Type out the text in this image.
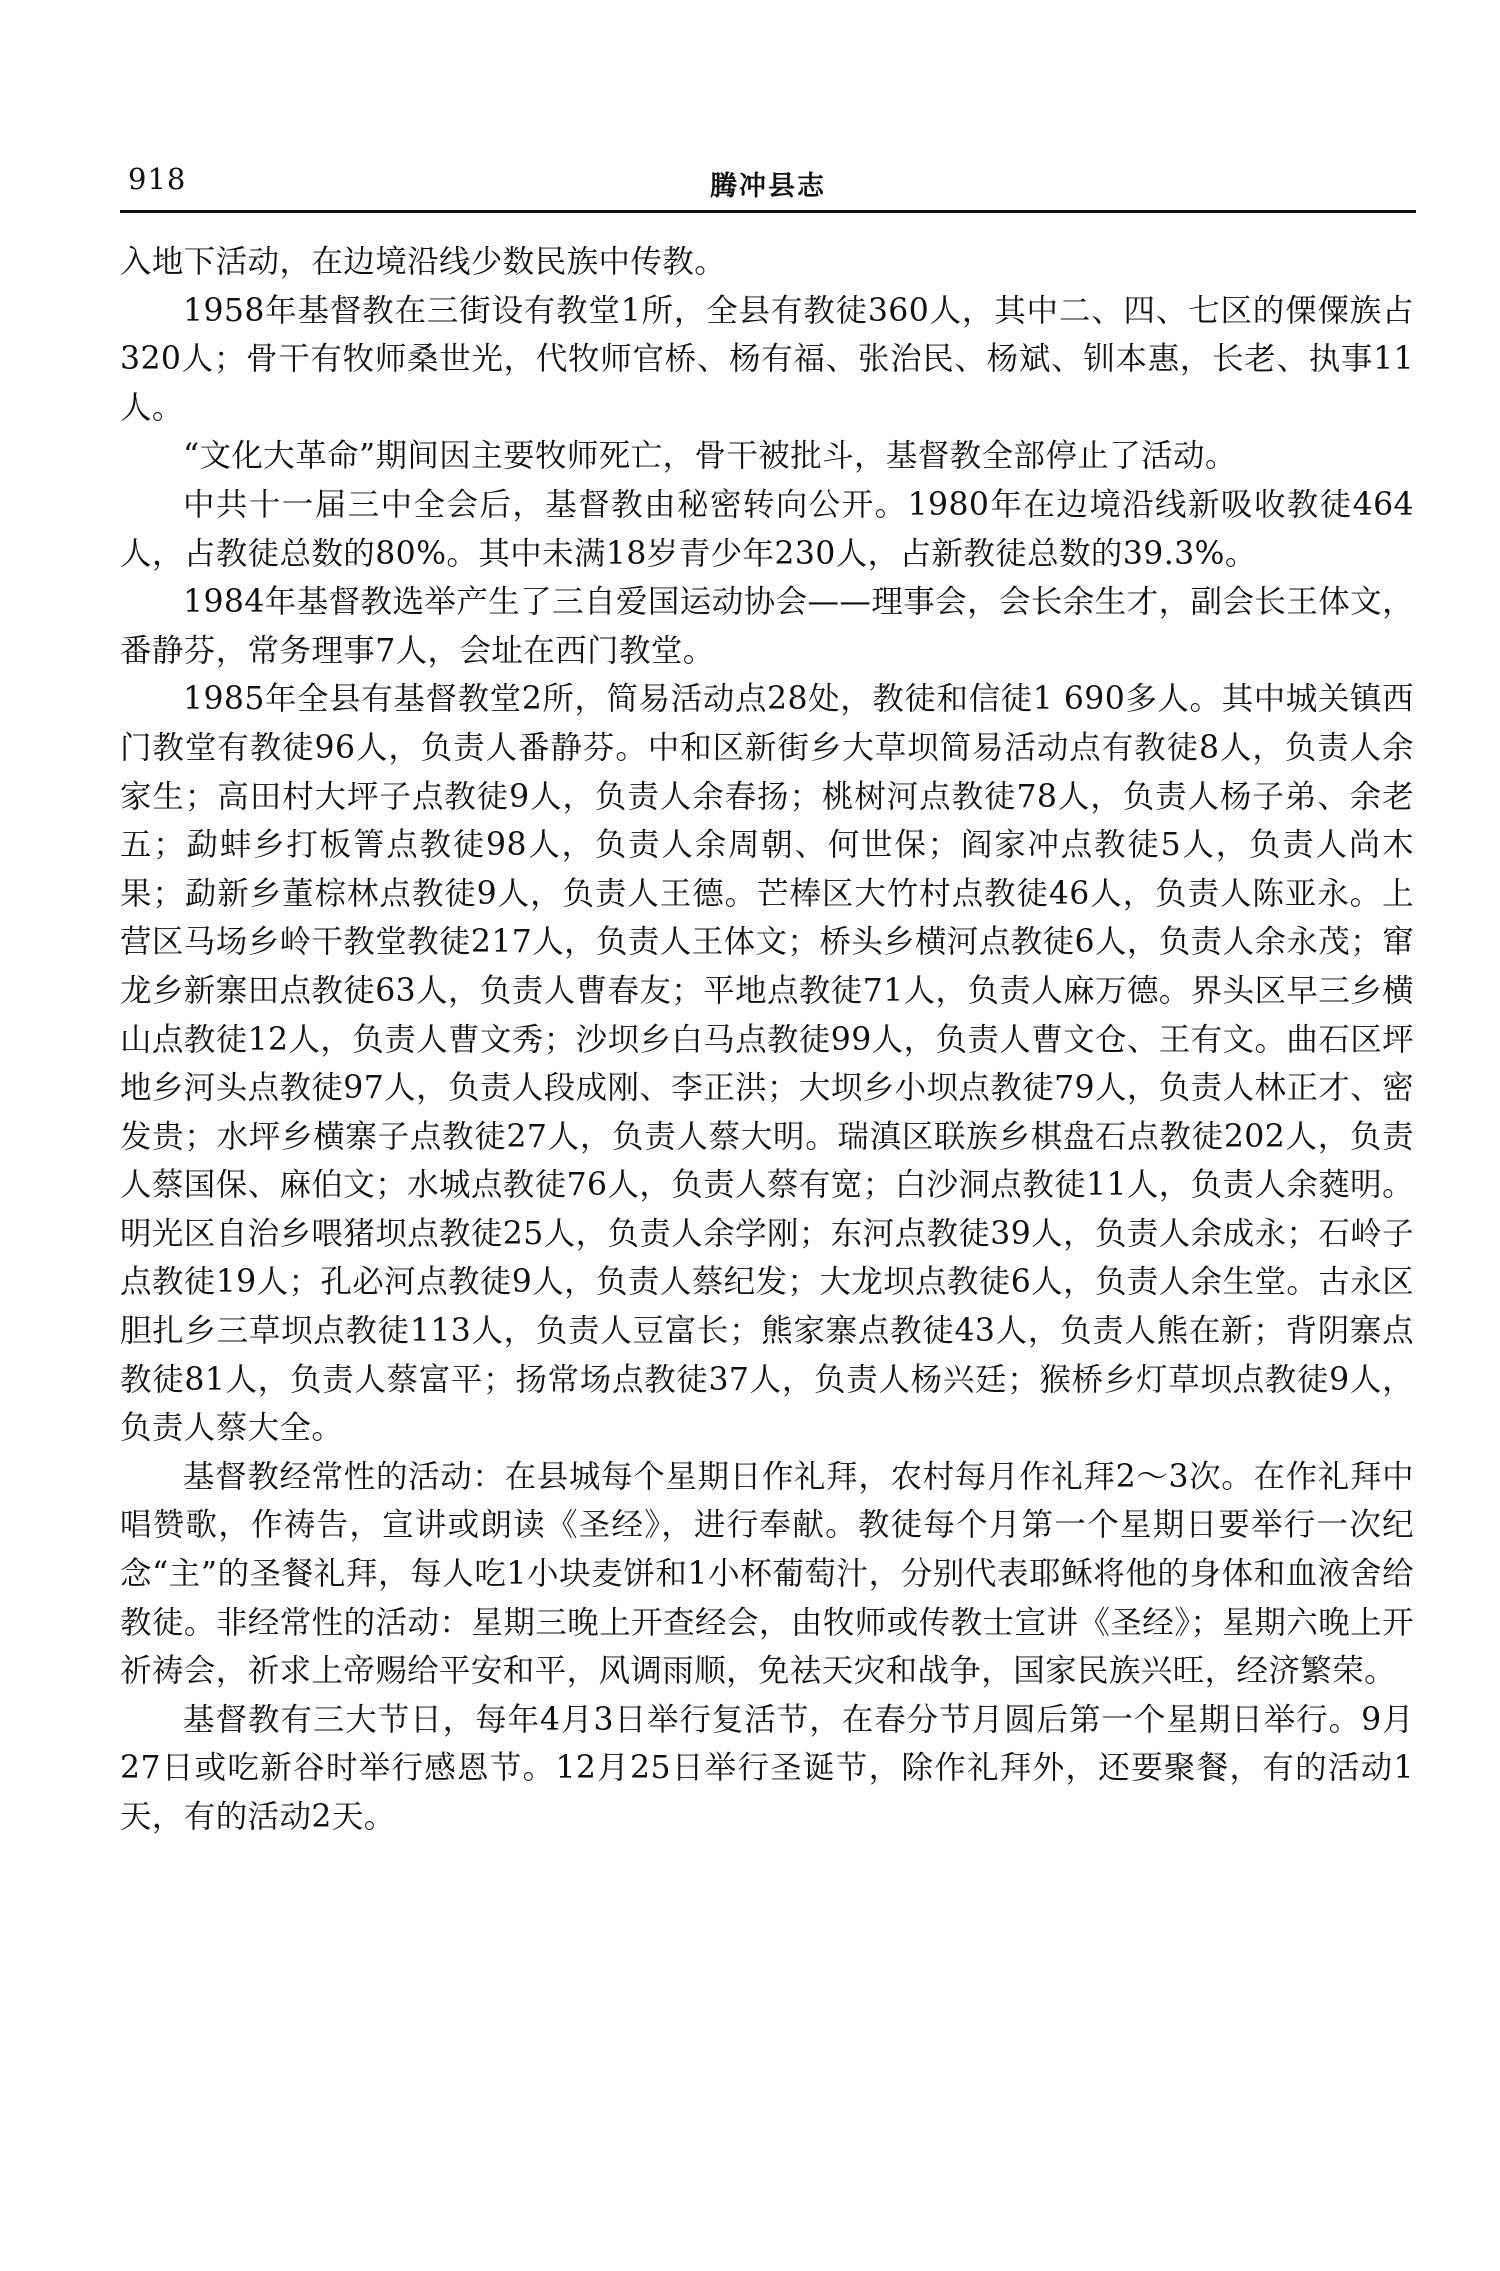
918	腾冲县志

入地下活动，在边境沿线少数民族中传教。

1958年基督教在三街设有教堂1所，全县有教徒360人，其中二、四、七区的傈僳族占320人；骨干有牧师桑世光，代牧师官桥、杨有福、张治民、杨斌、钏本惠，长老、执事11人。

“文化大革命”期间因主要牧师死亡，骨干被批斗，基督教全部停止了活动。

中共十一届三中全会后，基督教由秘密转向公开。1980年在边境沿线新吸收教徒464人，占教徒总数的80%。其中未满18岁青少年230人，占新教徒总数的39.3%。

1984年基督教选举产生了三自爱国运动协会——理事会，会长余生才，副会长王体文，番静芬，常务理事7人，会址在西门教堂。

1985年全县有基督教堂2所，简易活动点28处，教徒和信徒1 690多人。其中城关镇西门教堂有教徒96人，负责人番静芬。中和区新街乡大草坝简易活动点有教徒8人，负责人余家生；高田村大坪子点教徒9人，负责人余春扬；桃树河点教徒78人，负责人杨子弟、余老五；勐蚌乡打板箐点教徒98人，负责人余周朝、何世保；阎家冲点教徒5人，负责人尚木果；勐新乡董棕林点教徒9人，负责人王德。芒棒区大竹村点教徒46人，负责人陈亚永。上营区马场乡岭干教堂教徒217人，负责人王体文；桥头乡横河点教徒6人，负责人余永茂；窜龙乡新寨田点教徒63人，负责人曹春友；平地点教徒71人，负责人麻万德。界头区早三乡横山点教徒12人，负责人曹文秀；沙坝乡白马点教徒99人，负责人曹文仓、王有文。曲石区坪地乡河头点教徒97人，负责人段成刚、李正洪；大坝乡小坝点教徒79人，负责人林正才、密发贵；水坪乡横寨子点教徒27人，负责人蔡大明。瑞滇区联族乡棋盘石点教徒202人，负责人蔡国保、麻伯文；水城点教徒76人，负责人蔡有宽；白沙洞点教徒11人，负责人余蕤明。明光区自治乡喂猪坝点教徒25人，负责人余学刚；东河点教徒39人，负责人余成永；石岭子点教徒19人；孔必河点教徒9人，负责人蔡纪发；大龙坝点教徒6人，负责人余生堂。古永区胆扎乡三草坝点教徒113人，负责人豆富长；熊家寨点教徒43人，负责人熊在新；背阴寨点教徒81人，负责人蔡富平；扬常场点教徒37人，负责人杨兴廷；猴桥乡灯草坝点教徒9人，负责人蔡大全。

基督教经常性的活动：在县城每个星期日作礼拜，农村每月作礼拜2～3次。在作礼拜中唱赞歌，作祷告，宣讲或朗读《圣经》，进行奉献。教徒每个月第一个星期日要举行一次纪念“主”的圣餐礼拜，每人吃1小块麦饼和1小杯葡萄汁，分别代表耶稣将他的身体和血液舍给教徒。非经常性的活动：星期三晚上开查经会，由牧师或传教士宣讲《圣经》；星期六晚上开祈祷会，祈求上帝赐给平安和平，风调雨顺，免祛天灾和战争，国家民族兴旺，经济繁荣。

基督教有三大节日，每年4月3日举行复活节，在春分节月圆后第一个星期日举行。9月27日或吃新谷时举行感恩节。12月25日举行圣诞节，除作礼拜外，还要聚餐，有的活动1天，有的活动2天。
